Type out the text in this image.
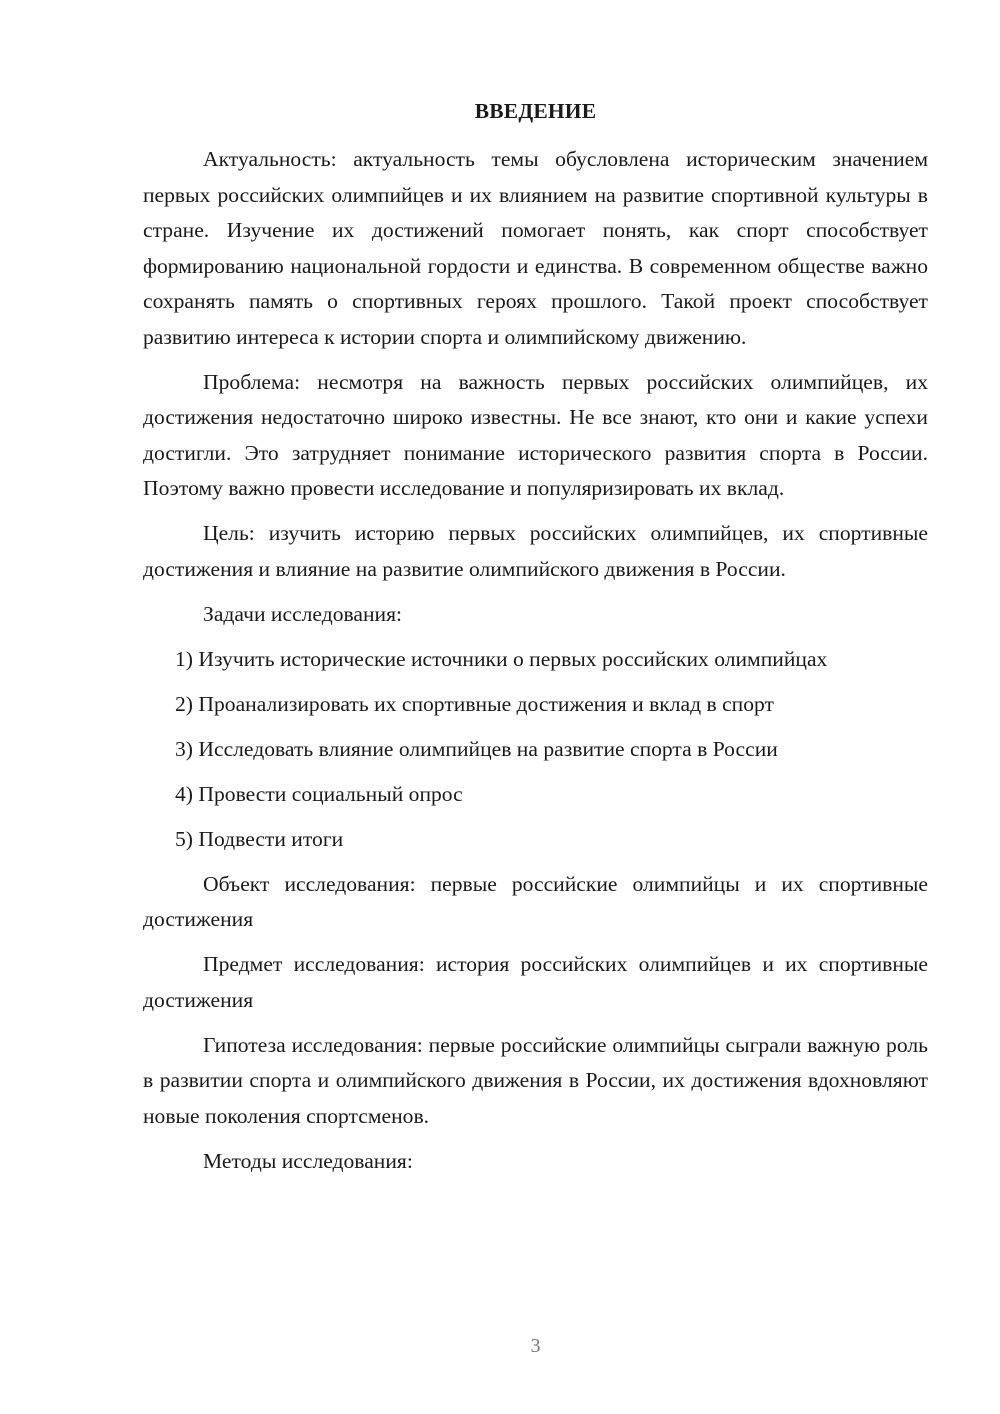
ВВЕДЕНИЕ

Актуальность: актуальность темы обусловлена историческим значением первых российских олимпийцев и их влиянием на развитие спортивной культуры в стране. Изучение их достижений помогает понять, как спорт способствует формированию национальной гордости и единства. В современном обществе важно сохранять память о спортивных героях прошлого. Такой проект способствует развитию интереса к истории спорта и олимпийскому движению.

Проблема: несмотря на важность первых российских олимпийцев, их достижения недостаточно широко известны. Не все знают, кто они и какие успехи достигли. Это затрудняет понимание исторического развития спорта в России. Поэтому важно провести исследование и популяризировать их вклад.

Цель: изучить историю первых российских олимпийцев, их спортивные достижения и влияние на развитие олимпийского движения в России.

Задачи исследования:

1) Изучить исторические источники о первых российских олимпийцах

2) Проанализировать их спортивные достижения и вклад в спорт

3) Исследовать влияние олимпийцев на развитие спорта в России

4) Провести социальный опрос

5) Подвести итоги

Объект исследования: первые российские олимпийцы и их спортивные достижения

Предмет исследования: история российских олимпийцев и их спортивные достижения

Гипотеза исследования: первые российские олимпийцы сыграли важную роль в развитии спорта и олимпийского движения в России, их достижения вдохновляют новые поколения спортсменов.

Методы исследования:

3
